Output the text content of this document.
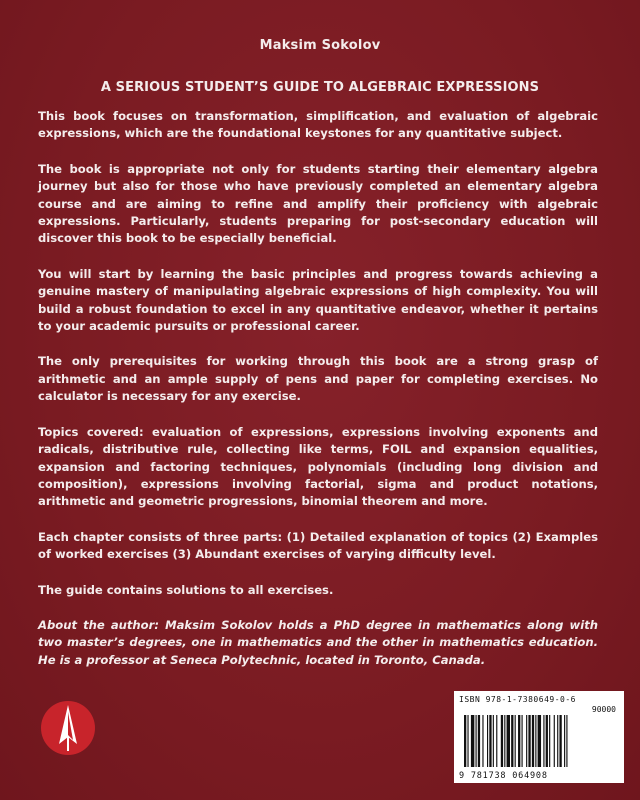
Maksim Sokolov
A SERIOUS STUDENT’S GUIDE TO ALGEBRAIC EXPRESSIONS

This book focuses on transformation, simplification, and evaluation of algebraic expressions, which are the foundational keystones for any quantitative subject.

The book is appropriate not only for students starting their elementary algebra journey but also for those who have previously completed an elementary algebra course and are aiming to refine and amplify their proficiency with algebraic expressions. Particularly, students preparing for post-secondary education will discover this book to be especially beneficial.

You will start by learning the basic principles and progress towards achieving a genuine mastery of manipulating algebraic expressions of high complexity. You will build a robust foundation to excel in any quantitative endeavor, whether it pertains to your academic pursuits or professional career.

The only prerequisites for working through this book are a strong grasp of arithmetic and an ample supply of pens and paper for completing exercises. No calculator is necessary for any exercise.

Topics covered: evaluation of expressions, expressions involving exponents and radicals, distributive rule, collecting like terms, FOIL and expansion equalities, expansion and factoring techniques, polynomials (including long division and composition), expressions involving factorial, sigma and product notations, arithmetic and geometric progressions, binomial theorem and more.

Each chapter consists of three parts: (1) Detailed explanation of topics (2) Examples of worked exercises (3) Abundant exercises of varying difficulty level.

The guide contains solutions to all exercises.

About the author: Maksim Sokolov holds a PhD degree in mathematics along with two master’s degrees, one in mathematics and the other in mathematics education. He is a professor at Seneca Polytechnic, located in Toronto, Canada.

ISBN 978-1-7380649-0-6
90000
9 781738 064908
